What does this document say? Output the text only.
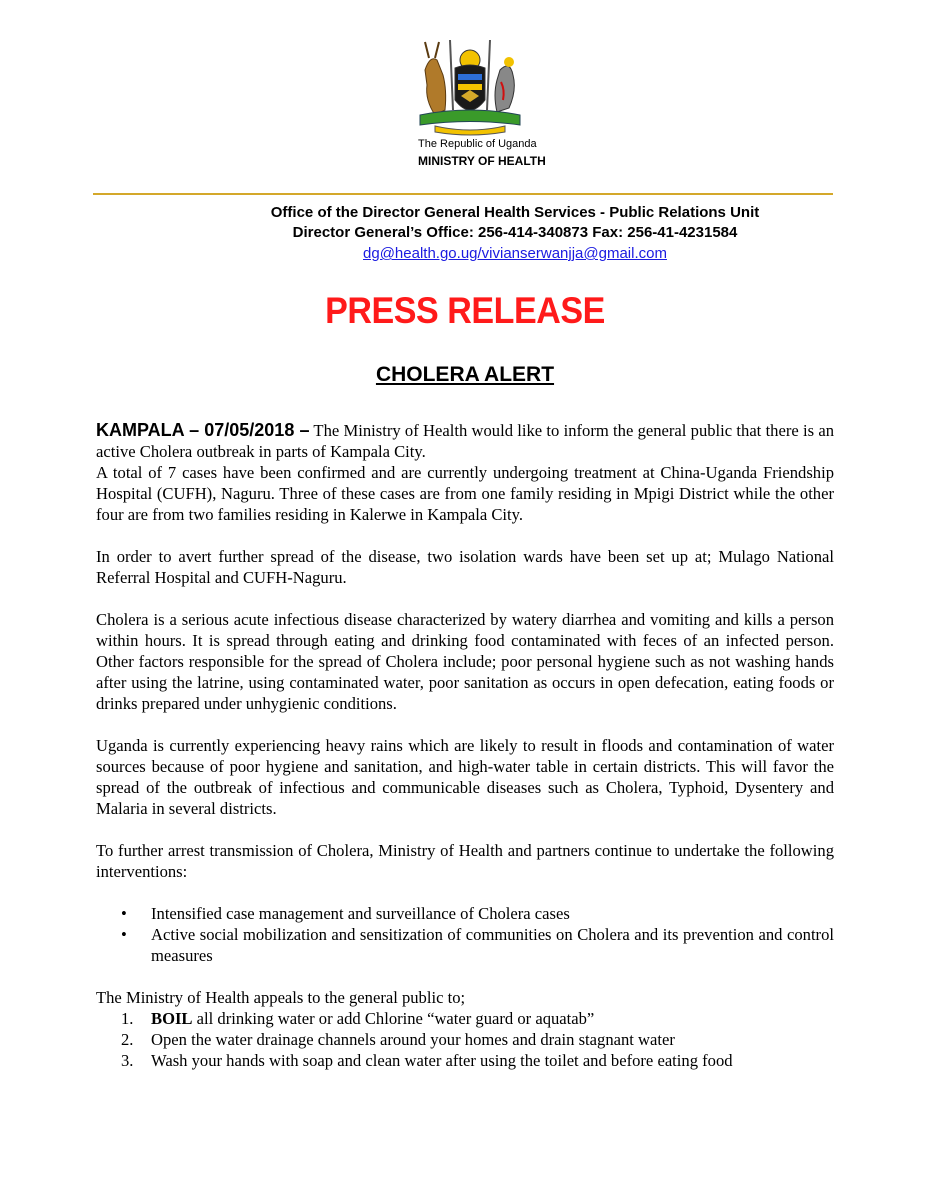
The Republic of Uganda
MINISTRY OF HEALTH
Office of the Director General Health Services - Public Relations Unit
Director General’s Office: 256-414-340873 Fax: 256-41-4231584
dg@health.go.ug/vivianserwanjja@gmail.com
PRESS RELEASE
CHOLERA ALERT

KAMPALA – 07/05/2018 – The Ministry of Health would like to inform the general public that there is an active Cholera outbreak in parts of Kampala City.

A total of 7 cases have been confirmed and are currently undergoing treatment at China-Uganda Friendship Hospital (CUFH), Naguru. Three of these cases are from one family residing in Mpigi District while the other four are from two families residing in Kalerwe in Kampala City.

In order to avert further spread of the disease, two isolation wards have been set up at; Mulago National Referral Hospital and CUFH-Naguru.

Cholera is a serious acute infectious disease characterized by watery diarrhea and vomiting and kills a person within hours. It is spread through eating and drinking food contaminated with feces of an infected person. Other factors responsible for the spread of Cholera include; poor personal hygiene such as not washing hands after using the latrine, using contaminated water, poor sanitation as occurs in open defecation, eating foods or drinks prepared under unhygienic conditions.

Uganda is currently experiencing heavy rains which are likely to result in floods and contamination of water sources because of poor hygiene and sanitation, and high-water table in certain districts. This will favor the spread of the outbreak of infectious and communicable diseases such as Cholera, Typhoid, Dysentery and Malaria in several districts.

To further arrest transmission of Cholera, Ministry of Health and partners continue to undertake the following interventions:

• Intensified case management and surveillance of Cholera cases
• Active social mobilization and sensitization of communities on Cholera and its prevention and control measures

The Ministry of Health appeals to the general public to;

1. BOIL all drinking water or add Chlorine “water guard or aquatab”
2. Open the water drainage channels around your homes and drain stagnant water
3. Wash your hands with soap and clean water after using the toilet and before eating food
